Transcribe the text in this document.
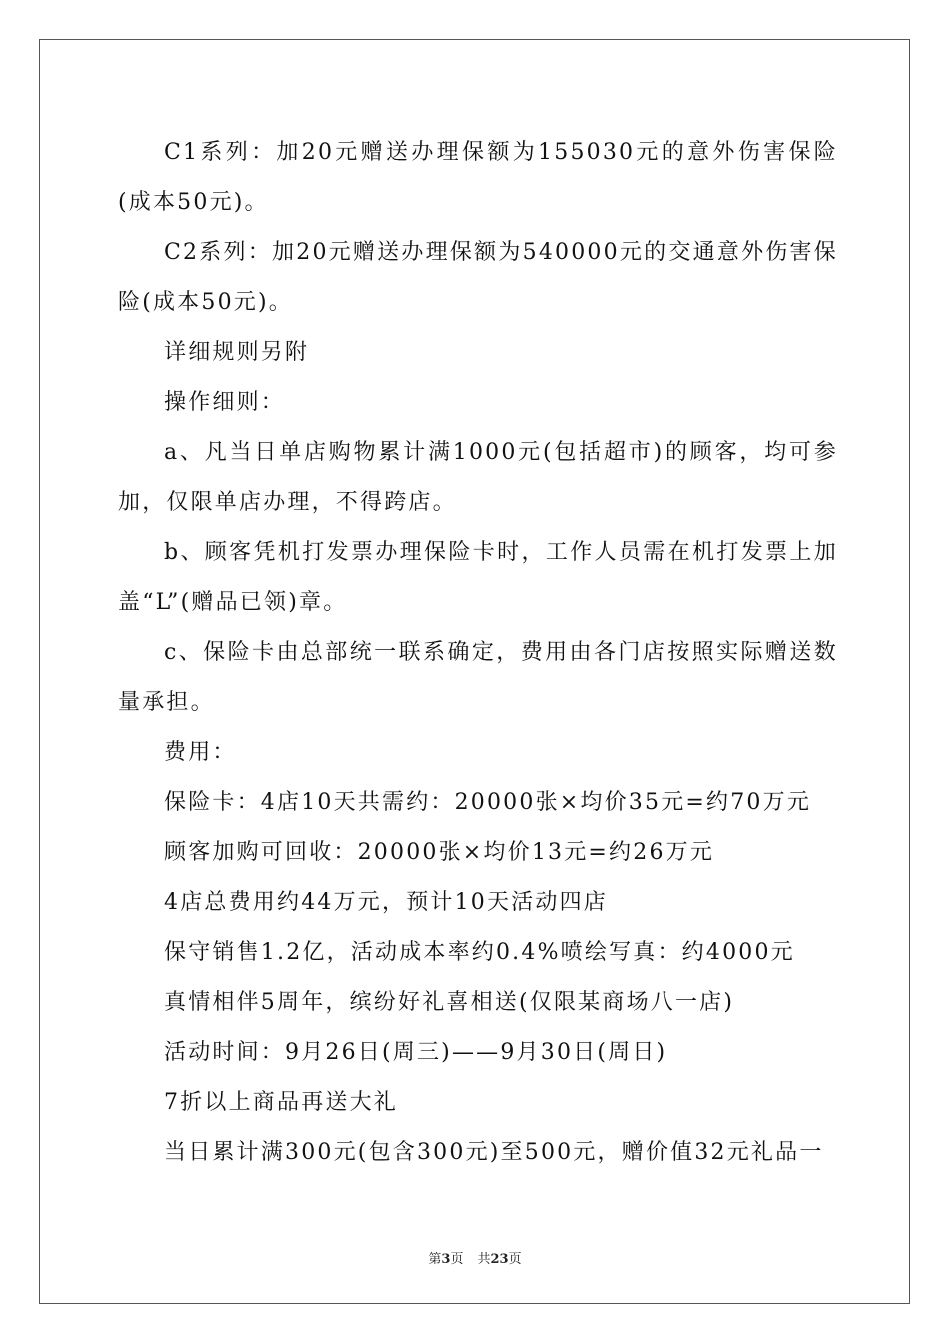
C1系列：加20元赠送办理保额为155030元的意外伤害保险(成本50元)。

C2系列：加20元赠送办理保额为540000元的交通意外伤害保险(成本50元)。

详细规则另附

操作细则：

a、凡当日单店购物累计满1000元(包括超市)的顾客，均可参加，仅限单店办理，不得跨店。

b、顾客凭机打发票办理保险卡时，工作人员需在机打发票上加盖“L”(赠品已领)章。

c、保险卡由总部统一联系确定，费用由各门店按照实际赠送数量承担。

费用：

保险卡：4店10天共需约：20000张×均价35元=约70万元

顾客加购可回收：20000张×均价13元=约26万元

4店总费用约44万元，预计10天活动四店

保守销售1.2亿，活动成本率约0.4%喷绘写真：约4000元

真情相伴5周年，缤纷好礼喜相送(仅限某商场八一店)

活动时间：9月26日(周三)——9月30日(周日)

7折以上商品再送大礼

当日累计满300元(包含300元)至500元，赠价值32元礼品一

第3页 共23页
